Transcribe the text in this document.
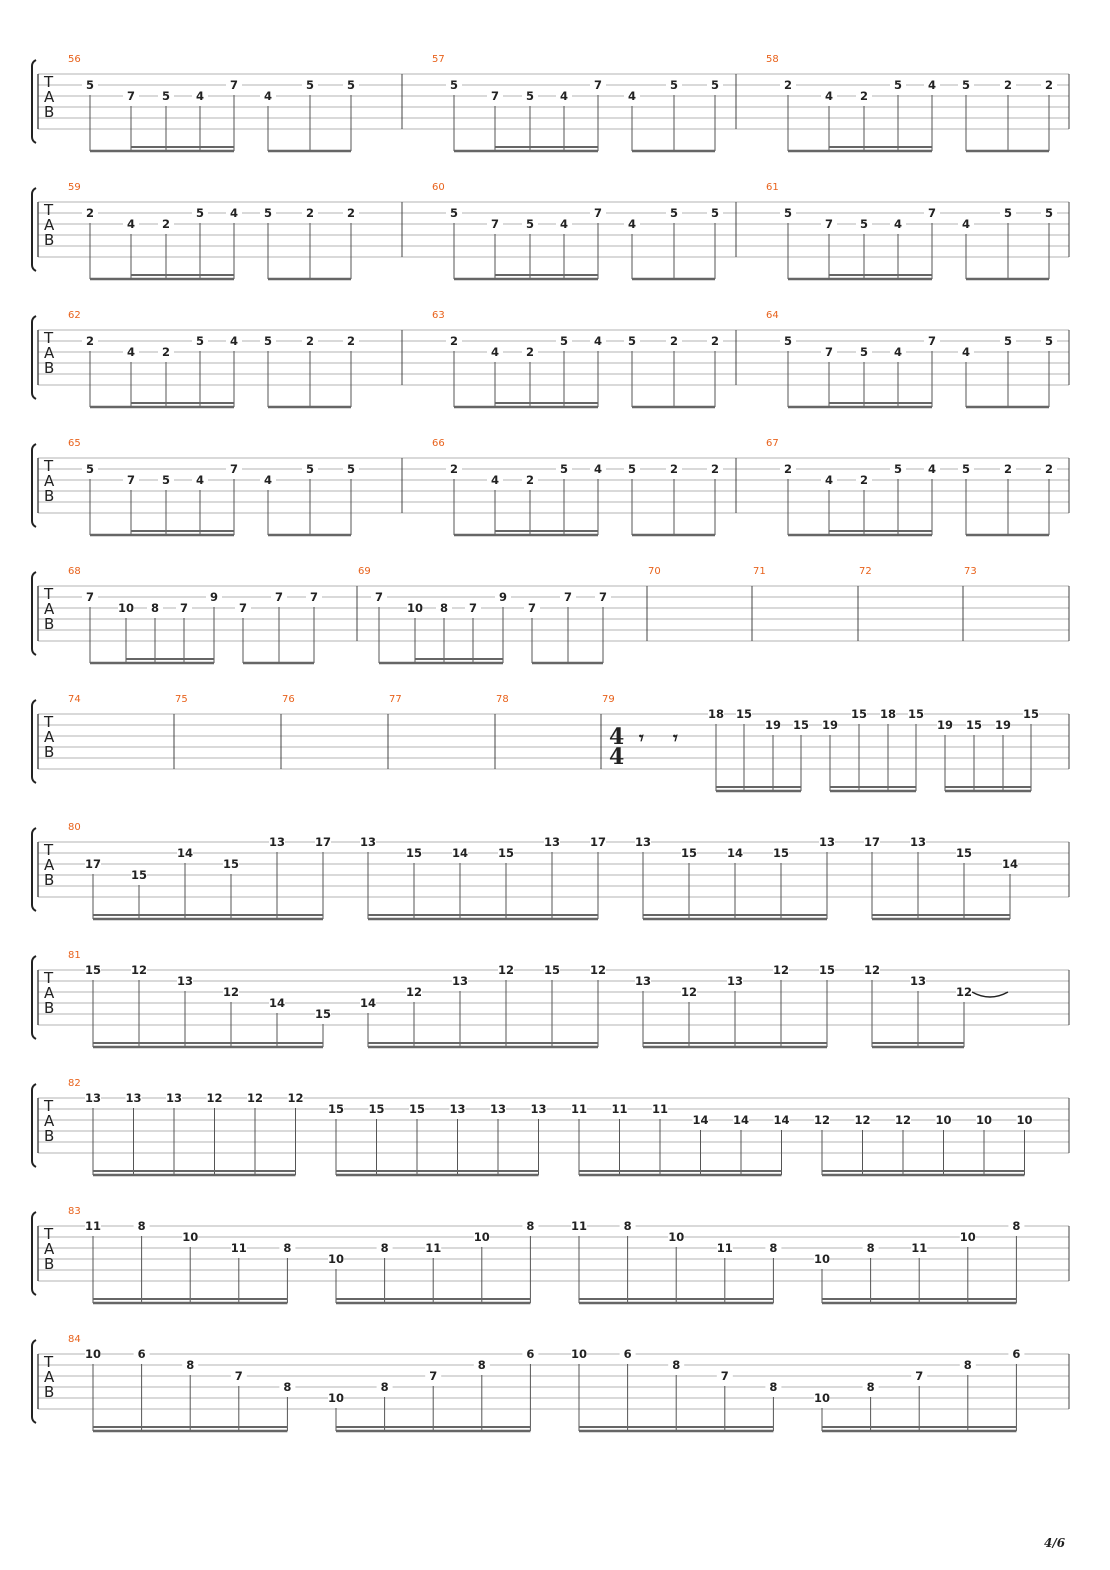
T
A
B
56
5
7 5 4
7
4
5	5
57
5
7 5 4
7
4
5	5
58
2
4 2
5 4 5	2	2
T
A
B
59
2
4 2
5 4 5	2	2
60
5
7 5 4
7
4
5	5
61
5
7 5 4
7
4
5	5
T
A
B
62
2
4 2
5 4 5	2	2
63
2
4 2
5 4 5	2	2
64
5
7 5 4
7
4
5	5
T
A
B
65
5
7 5 4
7
4
5	5
66
2
4 2
5 4 5	2	2
67
2
4 2
5 4 5	2	2
T
A
B
68
7
10 8 7
9
7
7 7
69
7
10 8 7
9
7
7 7
70	71	72	73
T
A
B
74	75	76	77	78	79
4
4
𝄾 𝄾
18 15
19 15 19
15 18 15
19 15 19
15
T
A
B
80
17
15
14
15
13	17	13
15	14	15
13	17	13
15	14	15
13	17	13
15
14
T
A
B
81
15	12
13
12
14
15
14
12
13
12	15	12
13
12
13
12	15	12
13
12
T
A
B
82
13 13 13 12 12 12
15 15 15 13 13 13 11 11 11
14 14 14 12 12 12 10 10 10
T
A
B
83
11	8
10
11	8
10
8	11
10
8	11	8
10
11	8
10
8	11
10
8
T
A
B
84
10	6
8
7
8
10
8
7
8
6	10	6
8
7
8
10
8
7
8
6
4/6
